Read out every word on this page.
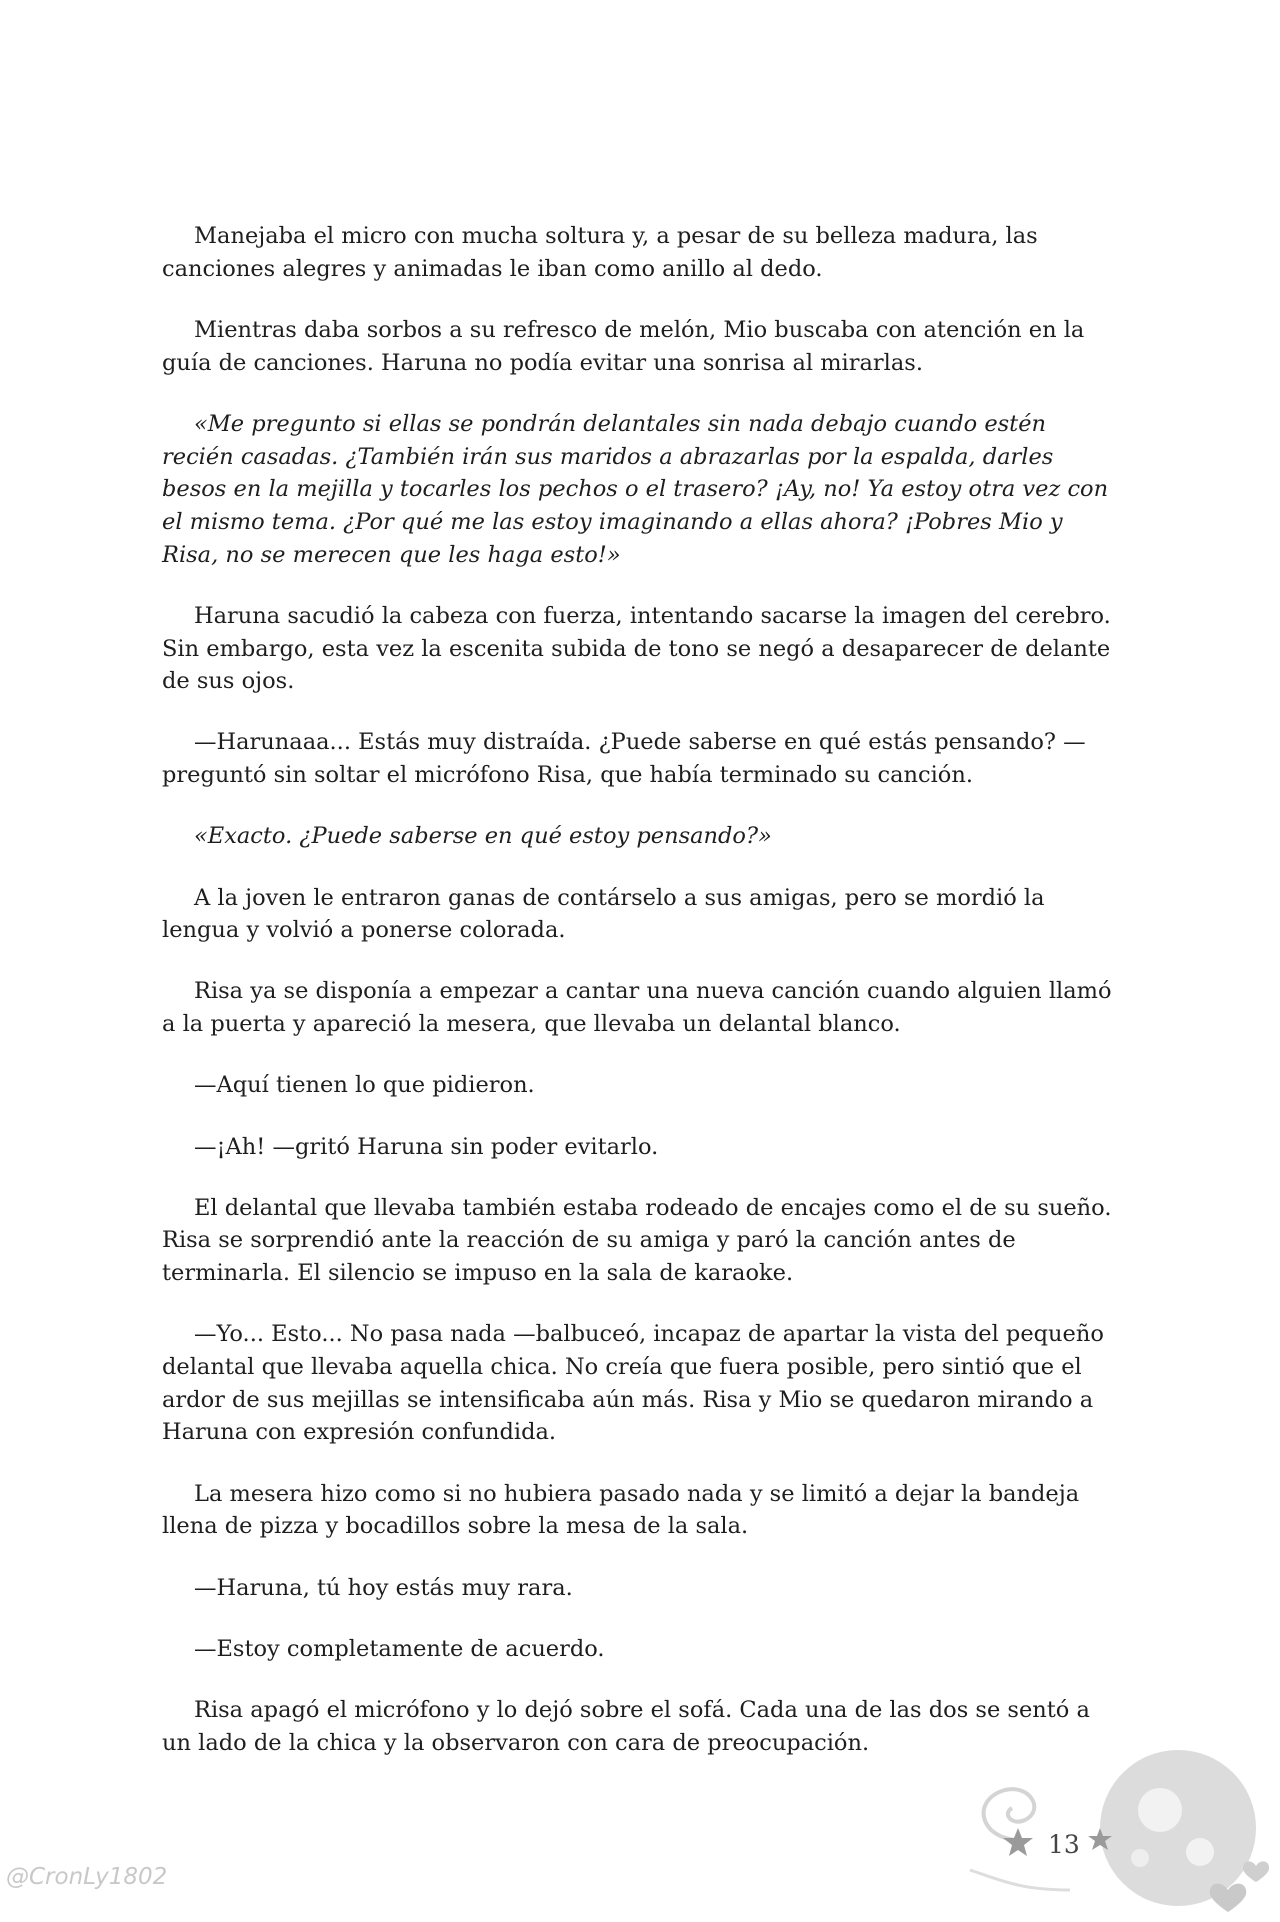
Manejaba el micro con mucha soltura y, a pesar de su belleza madura, las canciones alegres y animadas le iban como anillo al dedo.

Mientras daba sorbos a su refresco de melón, Mio buscaba con atención en la guía de canciones. Haruna no podía evitar una sonrisa al mirarlas.

«Me pregunto si ellas se pondrán delantales sin nada debajo cuando estén recién casadas. ¿También irán sus maridos a abrazarlas por la espalda, darles besos en la mejilla y tocarles los pechos o el trasero? ¡Ay, no! Ya estoy otra vez con el mismo tema. ¿Por qué me las estoy imaginando a ellas ahora? ¡Pobres Mio y Risa, no se merecen que les haga esto!»

Haruna sacudió la cabeza con fuerza, intentando sacarse la imagen del cerebro. Sin embargo, esta vez la escenita subida de tono se negó a desaparecer de delante de sus ojos.

—Harunaaa... Estás muy distraída. ¿Puede saberse en qué estás pensando? —preguntó sin soltar el micrófono Risa, que había terminado su canción.

«Exacto. ¿Puede saberse en qué estoy pensando?»

A la joven le entraron ganas de contárselo a sus amigas, pero se mordió la lengua y volvió a ponerse colorada.

Risa ya se disponía a empezar a cantar una nueva canción cuando alguien llamó a la puerta y apareció la mesera, que llevaba un delantal blanco.

—Aquí tienen lo que pidieron.

—¡Ah! —gritó Haruna sin poder evitarlo.

El delantal que llevaba también estaba rodeado de encajes como el de su sueño. Risa se sorprendió ante la reacción de su amiga y paró la canción antes de terminarla. El silencio se impuso en la sala de karaoke.

—Yo... Esto... No pasa nada —balbuceó, incapaz de apartar la vista del pequeño delantal que llevaba aquella chica. No creía que fuera posible, pero sintió que el ardor de sus mejillas se intensificaba aún más. Risa y Mio se quedaron mirando a Haruna con expresión confundida.

La mesera hizo como si no hubiera pasado nada y se limitó a dejar la bandeja llena de pizza y bocadillos sobre la mesa de la sala.

—Haruna, tú hoy estás muy rara.

—Estoy completamente de acuerdo.

Risa apagó el micrófono y lo dejó sobre el sofá. Cada una de las dos se sentó a un lado de la chica y la observaron con cara de preocupación.

13
@CronLy1802
